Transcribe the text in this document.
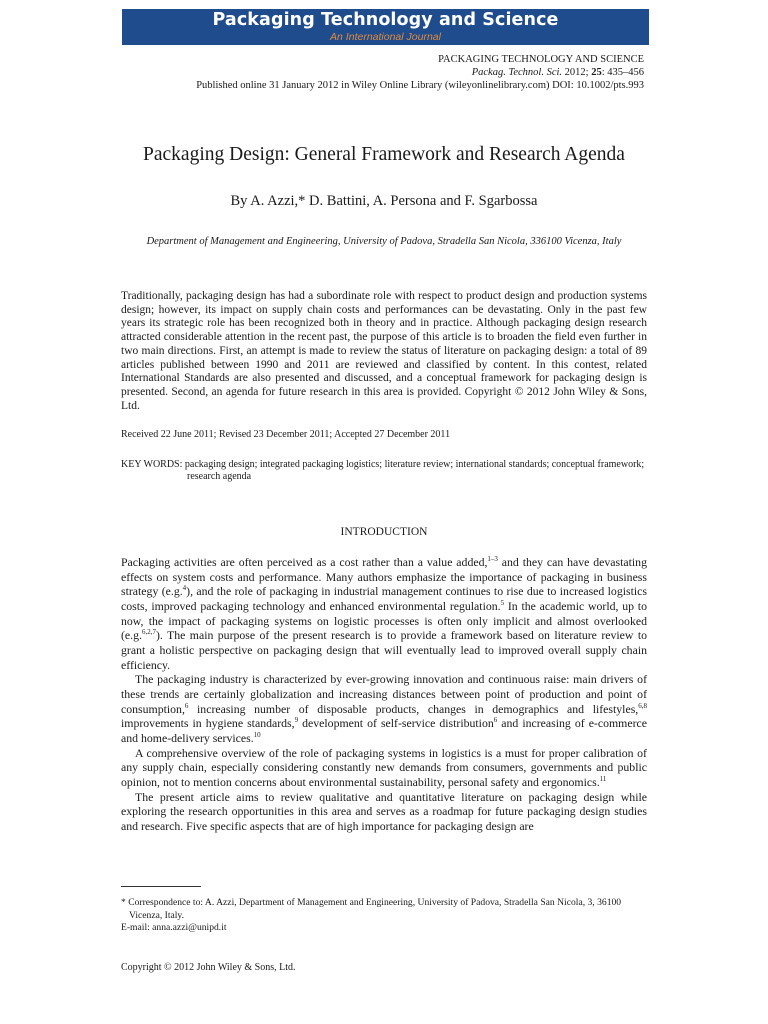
Packaging Technology and Science
An International Journal
PACKAGING TECHNOLOGY AND SCIENCE
Packag. Technol. Sci. 2012; 25: 435–456
Published online 31 January 2012 in Wiley Online Library (wileyonlinelibrary.com) DOI: 10.1002/pts.993
Packaging Design: General Framework and Research Agenda
By A. Azzi,* D. Battini, A. Persona and F. Sgarbossa
Department of Management and Engineering, University of Padova, Stradella San Nicola, 336100 Vicenza, Italy
Traditionally, packaging design has had a subordinate role with respect to product design and production systems design; however, its impact on supply chain costs and performances can be devastating. Only in the past few years its strategic role has been recognized both in theory and in practice. Although packaging design research attracted considerable attention in the recent past, the purpose of this article is to broaden the field even further in two main directions. First, an attempt is made to review the status of literature on packaging design: a total of 89 articles published between 1990 and 2011 are reviewed and classified by content. In this contest, related International Standards are also presented and discussed, and a conceptual framework for packaging design is presented. Second, an agenda for future research in this area is provided. Copyright © 2012 John Wiley & Sons, Ltd.
Received 22 June 2011; Revised 23 December 2011; Accepted 27 December 2011
KEY WORDS: packaging design; integrated packaging logistics; literature review; international standards; conceptual framework; research agenda
INTRODUCTION

Packaging activities are often perceived as a cost rather than a value added,$^{1-3}$ and they can have devastating effects on system costs and performance. Many authors emphasize the importance of packaging in business strategy (e.g.$^4$), and the role of packaging in industrial management continues to rise due to increased logistics costs, improved packaging technology and enhanced environmental regulation.$^5$ In the academic world, up to now, the impact of packaging systems on logistic processes is often only implicit and almost overlooked (e.g.$^{6,2,7}$). The main purpose of the present research is to provide a framework based on literature review to grant a holistic perspective on packaging design that will eventually lead to improved overall supply chain efficiency.

The packaging industry is characterized by ever-growing innovation and continuous raise: main drivers of these trends are certainly globalization and increasing distances between point of production and point of consumption,$^6$ increasing number of disposable products, changes in demographics and lifestyles,$^{6,8}$ improvements in hygiene standards,$^9$ development of self-service distribution$^6$ and increasing of e-commerce and home-delivery services.$^{10}$

A comprehensive overview of the role of packaging systems in logistics is a must for proper calibration of any supply chain, especially considering constantly new demands from consumers, governments and public opinion, not to mention concerns about environmental sustainability, personal safety and ergonomics.$^{11}$

The present article aims to review qualitative and quantitative literature on packaging design while exploring the research opportunities in this area and serves as a roadmap for future packaging design studies and research. Five specific aspects that are of high importance for packaging design are

* Correspondence to: A. Azzi, Department of Management and Engineering, University of Padova, Stradella San Nicola, 3, 36100 Vicenza, Italy.
E-mail: anna.azzi@unipd.it
Copyright © 2012 John Wiley & Sons, Ltd.
